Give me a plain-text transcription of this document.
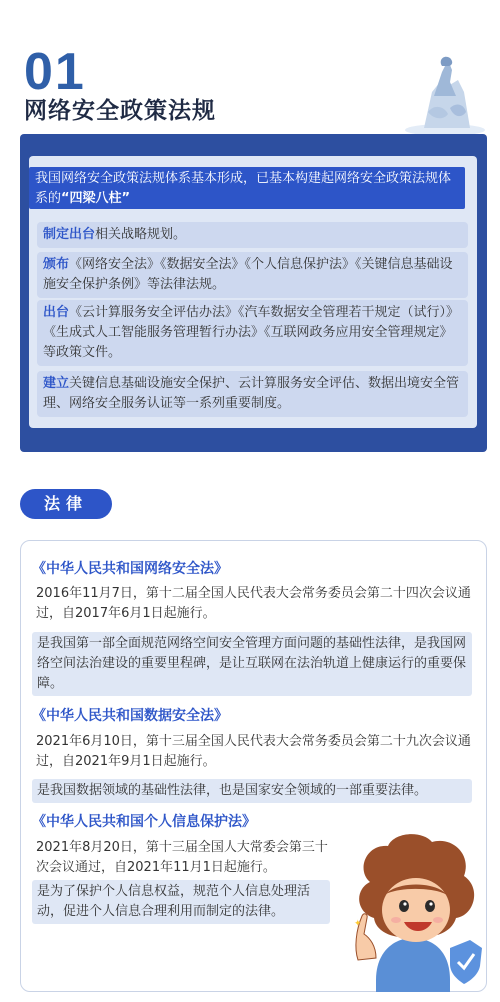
01
网络安全政策法规
我国网络安全政策法规体系基本形成，已基本构建起网络安全政策法规体系的“四梁八柱”
制定出台相关战略规划。
颁布《网络安全法》《数据安全法》《个人信息保护法》《关键信息基础设施安全保护条例》等法律法规。
出台《云计算服务安全评估办法》《汽车数据安全管理若干规定（试行）》《生成式人工智能服务管理暂行办法》《互联网政务应用安全管理规定》等政策文件。
建立关键信息基础设施安全保护、云计算服务安全评估、数据出境安全管理、网络安全服务认证等一系列重要制度。
法律
《中华人民共和国网络安全法》
2016年11月7日，第十二届全国人民代表大会常务委员会第二十四次会议通过，自2017年6月1日起施行。
是我国第一部全面规范网络空间安全管理方面问题的基础性法律，是我国网络空间法治建设的重要里程碑，是让互联网在法治轨道上健康运行的重要保障。
《中华人民共和国数据安全法》
2021年6月10日，第十三届全国人民代表大会常务委员会第二十九次会议通过，自2021年9月1日起施行。
是我国数据领域的基础性法律，也是国家安全领域的一部重要法律。
《中华人民共和国个人信息保护法》
2021年8月20日，第十三届全国人大常委会第三十次会议通过，自2021年11月1日起施行。
是为了保护个人信息权益，规范个人信息处理活动，促进个人信息合理利用而制定的法律。
✦
